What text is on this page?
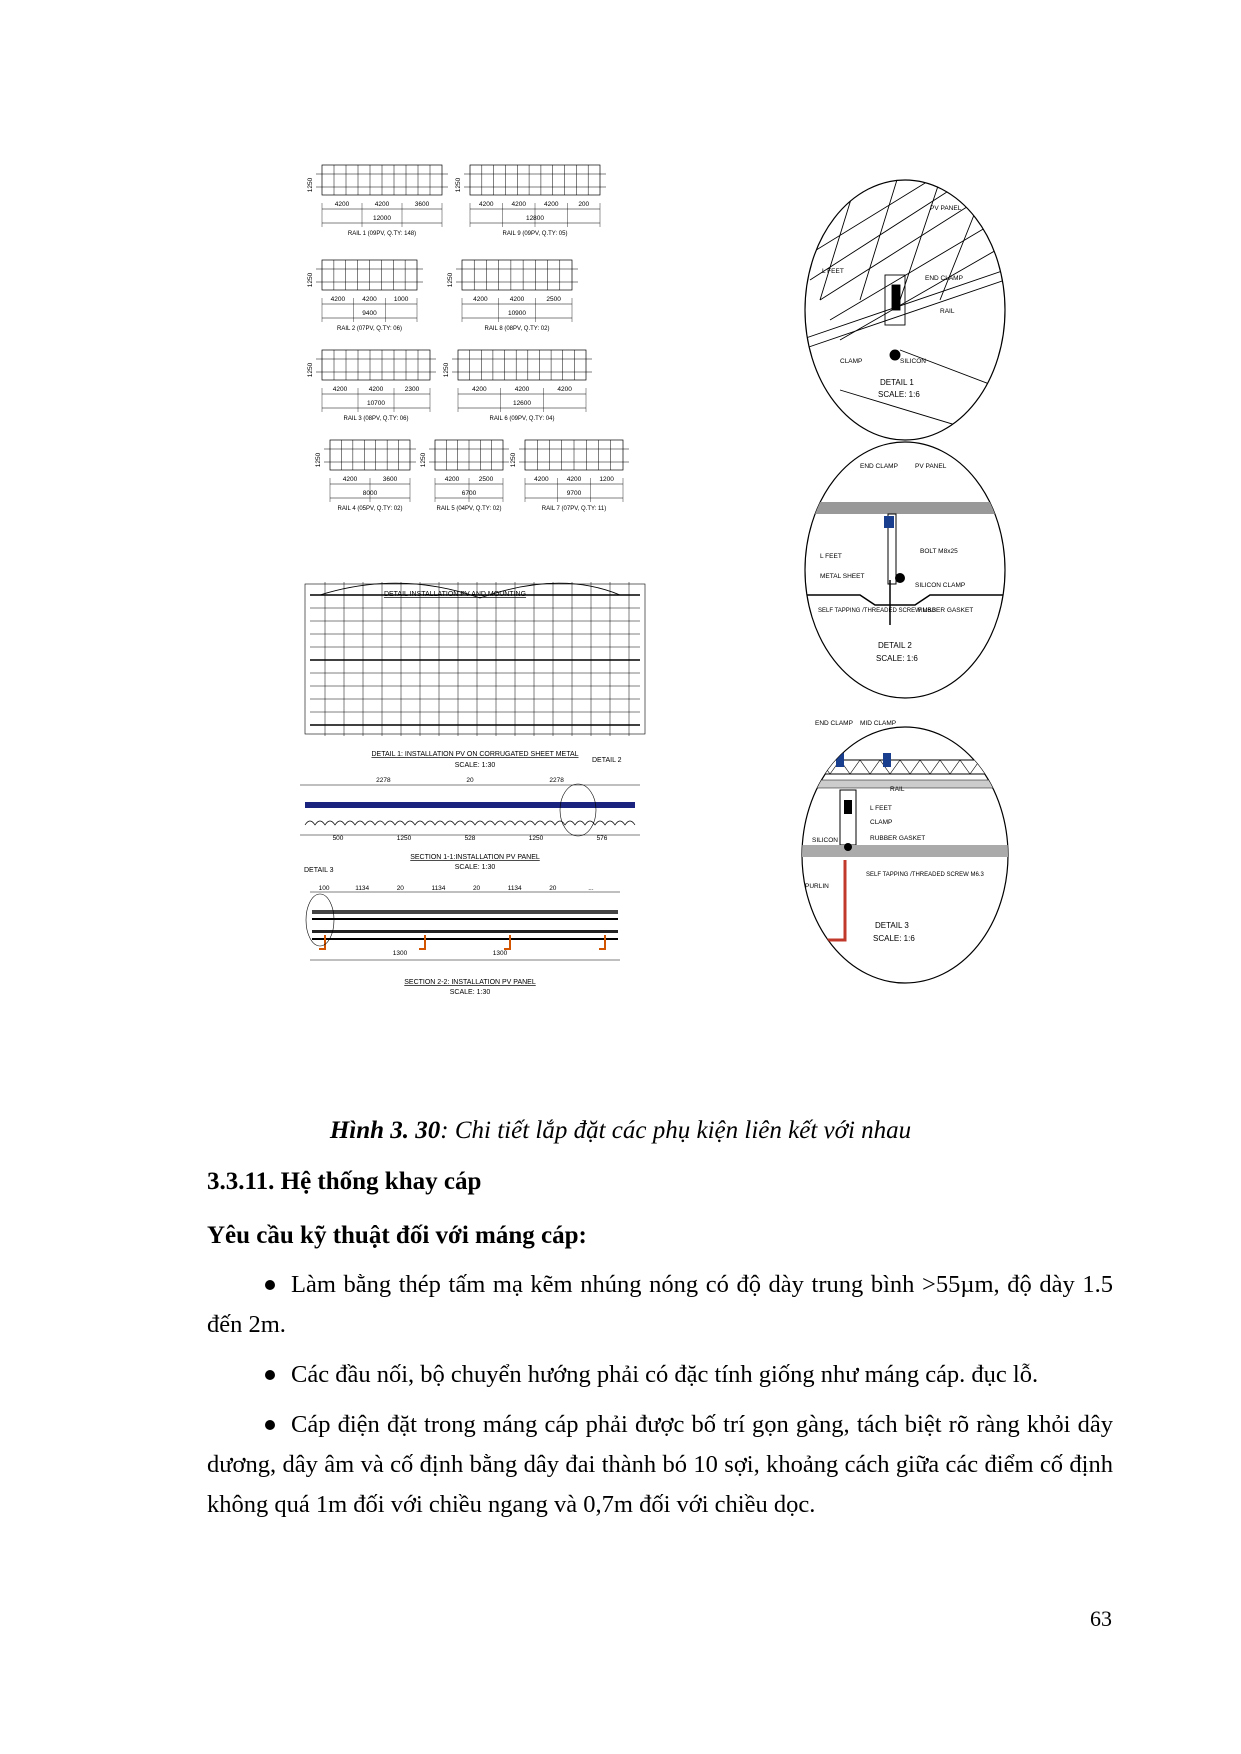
1250
4200	4200	3600
12000
RAIL 1 (09PV, Q.TY: 148)
1250
4200	4200	4200	200
12800
RAIL 9 (09PV, Q.TY: 05)
1250
4200	4200	1000
9400
RAIL 2 (07PV, Q.TY: 06)
1250
4200	4200	2500
10900
RAIL 8 (08PV, Q.TY: 02)
1250
4200	4200	2300
10700
RAIL 3 (08PV, Q.TY: 06)
1250
4200	4200	4200
12600
RAIL 6 (09PV, Q.TY: 04)
1250
4200	3600
8000
RAIL 4 (05PV, Q.TY: 02)
1250
4200	2500
6700
RAIL 5 (04PV, Q.TY: 02)
1250
4200	4200	1200
9700
RAIL 7 (07PV, Q.TY: 11)
DETAIL INSTALLATION PV AND MOUNTING
DETAIL 1: INSTALLATION PV ON CORRUGATED SHEET METAL
SCALE: 1:30
DETAIL 2
2278	20	2278
500	1250	528	1250	576
SECTION 1-1:INSTALLATION PV PANEL
SCALE: 1:30
DETAIL 3
100	1134	20	1134	20	1134	20	...
1300	1300
SECTION 2-2: INSTALLATION PV PANEL
SCALE: 1:30
PV PANEL
END CLAMP
L FEET
RAIL
CLAMP	SILICON
DETAIL 1
SCALE: 1:6
END CLAMP	PV PANEL
L FEET
METAL SHEET
BOLT M8x25
SILICON CLAMP
SELF TAPPING /THREADED SCREW M6.3
RUBBER GASKET
DETAIL 2
SCALE: 1:6
END CLAMP MID CLAMP
RAIL
L FEET
CLAMP
SILICON	RUBBER GASKET
PURLIN
SELF TAPPING /THREADED SCREW M6.3
DETAIL 3
SCALE: 1:6
Hình 3. 30: Chi tiết lắp đặt các phụ kiện liên kết với nhau
3.3.11. Hệ thống khay cáp
Yêu cầu kỹ thuật đối với máng cáp:
Làm bằng thép tấm mạ kẽm nhúng nóng có độ dày trung bình >55µm, độ dày 1.5 đến 2m.
Các đầu nối, bộ chuyển hướng phải có đặc tính giống như máng cáp. đục lỗ.
Cáp điện đặt trong máng cáp phải được bố trí gọn gàng, tách biệt rõ ràng khỏi dây dương, dây âm và cố định bằng dây đai thành bó 10 sợi, khoảng cách giữa các điểm cố định không quá 1m đối với chiều ngang và 0,7m đối với chiều dọc.
63
